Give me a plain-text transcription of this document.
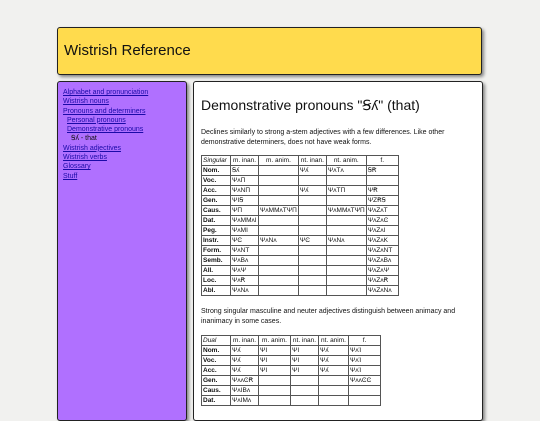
Wistrish Reference
Alphabet and pronunciation
Wistrish nouns
Pronouns and determiners
Personal pronouns
Demonstrative pronouns
Ꞩʎ - that
Wistrish adjectives
Wistrish verbs
Glossary
Stuff
Demonstrative pronouns "Ꞩʎ" (that)

Declines similarly to strong a-stem adjectives with a few differences. Like other demonstrative determiners, does not have weak forms.

Singular	m. inan.	m. anim.	nt. inan.	nt. anim.	f.
Nom.	Ꞩʎ		Ψʎ	ΨʌΤʌ	ꞨꞦ
Voc.	ΨʌΠ				
Acc.	ΨʌΝΠ		Ψʎ	ΨʌΤΠ	ΨꞦ
Gen.	ΨΙꞨ				ΨΖꞦꞨ
Caus.	ΨΠ	ΨʌΜΜʌΤΨΠ		ΨʌΜΜʌΤΨΠ	ΨʌΖʌΤ
Dat.	ΨʌΜΜʌΙ				ΨʌΖʌϾ
Peg.	ΨʌΜΙ				ΨʌΖʌΙ
Instr.	ΨϾ	ΨʌΝʌ	ΨϾ	ΨʌΝʌ	ΨʌΖʌΚ
Form.	ΨʌΝΤ				ΨʌΖʌΝΤ
Semb.	ΨʌΒʌ				ΨʌΖʌΒʌ
All.	ΨʌΨ				ΨʌΖʌΨ
Loc.	ΨʌꞦ				ΨʌΖʌꞦ
Abl.	ΨʌΝʌ				ΨʌΖʌΝʌ

Strong singular masculine and neuter adjectives distinguish between animacy and inanimacy in some cases.

Dual	m. inan.	m. anim.	nt. inan.	nt. anim.	f.
Nom.	Ψʎ	ΨΙ	ΨΙ	Ψʎ	ΨʌΊ
Voc.	Ψʎ	ΨΙ	ΨΙ	Ψʎ	ΨʌΊ
Acc.	Ψʎ	ΨΙ	ΨΙ	Ψʎ	ΨʌΊ
Gen.	ΨʌʌϾꞦ				ΨʌʌϾϾ
Caus.	ΨʌΙΒʌ				
Dat.	ΨʌΙΜʌ				
